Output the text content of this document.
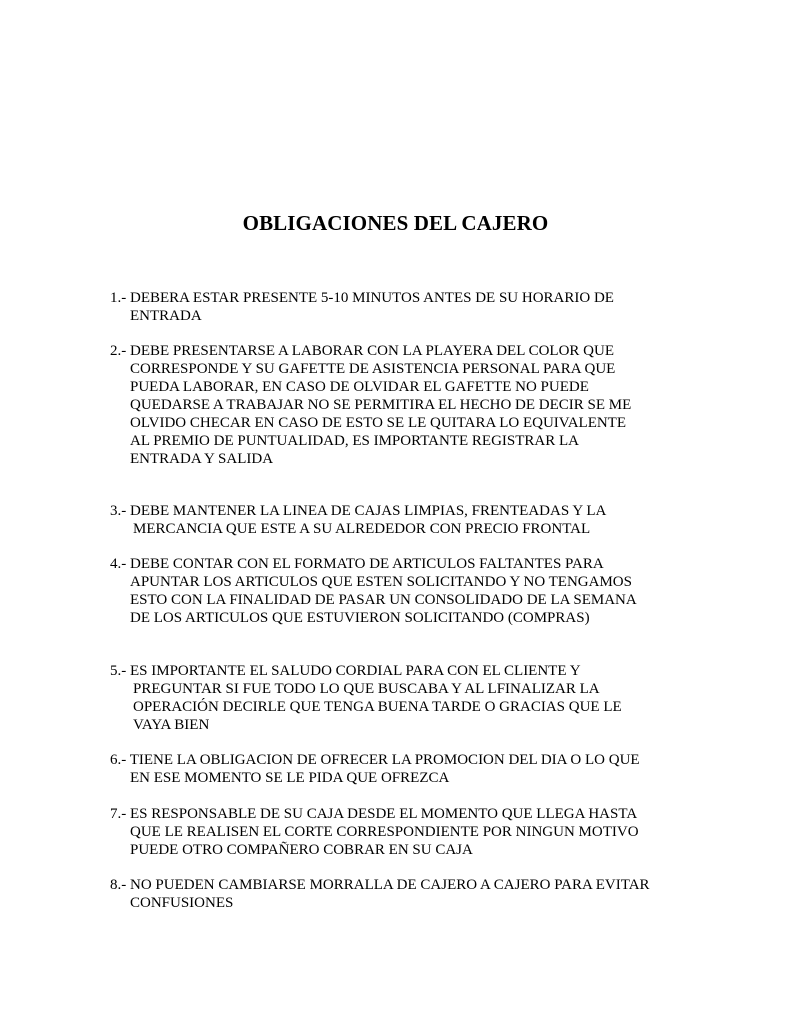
OBLIGACIONES DEL CAJERO
1.- DEBERA ESTAR PRESENTE 5-10 MINUTOS ANTES DE SU HORARIO DE
ENTRADA
2.- DEBE PRESENTARSE A LABORAR CON LA PLAYERA DEL COLOR QUE
CORRESPONDE Y SU GAFETTE DE ASISTENCIA PERSONAL PARA QUE
PUEDA LABORAR, EN CASO DE OLVIDAR EL GAFETTE NO PUEDE
QUEDARSE A TRABAJAR NO SE PERMITIRA EL HECHO DE DECIR SE ME
OLVIDO CHECAR EN CASO DE ESTO SE LE QUITARA LO EQUIVALENTE
AL PREMIO DE PUNTUALIDAD, ES IMPORTANTE REGISTRAR LA
ENTRADA Y SALIDA
3.- DEBE MANTENER LA LINEA DE CAJAS LIMPIAS, FRENTEADAS Y LA
MERCANCIA QUE ESTE A SU ALREDEDOR CON PRECIO FRONTAL
4.- DEBE CONTAR CON EL FORMATO DE ARTICULOS FALTANTES PARA
APUNTAR LOS ARTICULOS QUE ESTEN SOLICITANDO Y NO TENGAMOS
ESTO CON LA FINALIDAD DE PASAR UN CONSOLIDADO DE LA SEMANA
DE LOS ARTICULOS QUE ESTUVIERON SOLICITANDO (COMPRAS)
5.- ES IMPORTANTE EL SALUDO CORDIAL PARA CON EL CLIENTE Y
PREGUNTAR SI FUE TODO LO QUE BUSCABA Y AL LFINALIZAR LA
OPERACIÓN DECIRLE QUE TENGA BUENA TARDE O GRACIAS QUE LE
VAYA BIEN
6.- TIENE LA OBLIGACION DE OFRECER LA PROMOCION DEL DIA O LO QUE
EN ESE MOMENTO SE LE PIDA QUE OFREZCA
7.- ES RESPONSABLE DE SU CAJA DESDE EL MOMENTO QUE LLEGA HASTA
QUE LE REALISEN EL CORTE CORRESPONDIENTE POR NINGUN MOTIVO
PUEDE OTRO COMPAÑERO COBRAR EN SU CAJA
8.- NO PUEDEN CAMBIARSE MORRALLA DE CAJERO A CAJERO PARA EVITAR
CONFUSIONES
